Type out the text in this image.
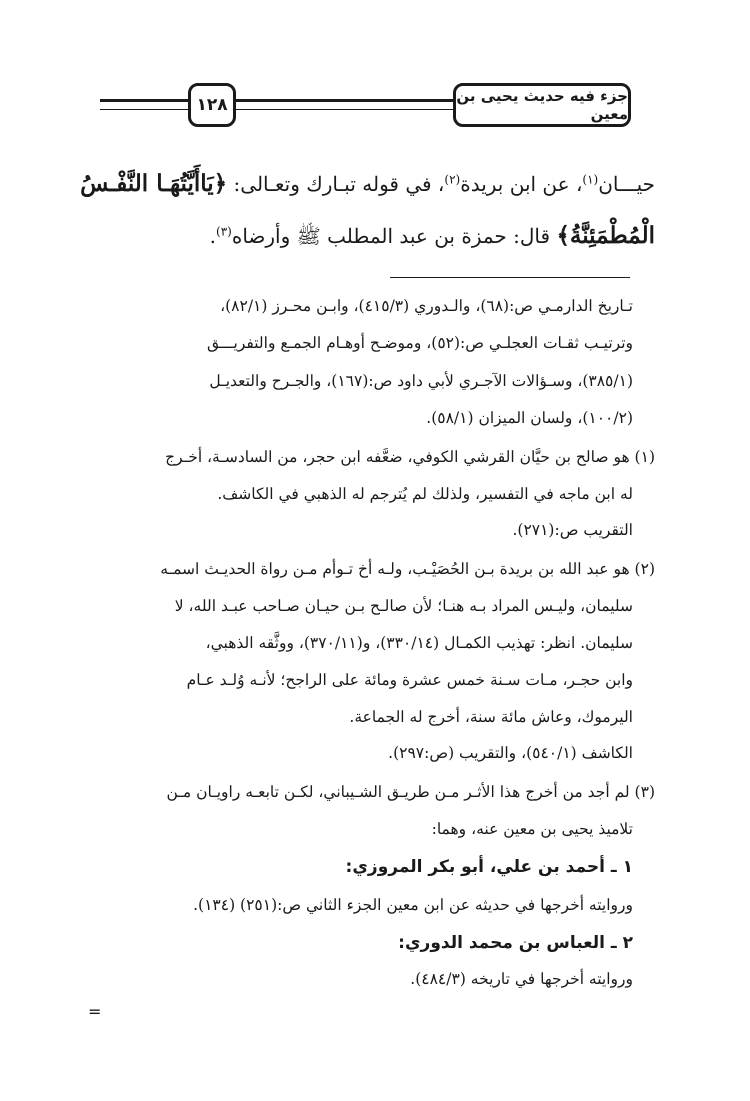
جزء فيه حديث يحيى بن معين
١٢٨
حيـــان$^{(١)}$، عن ابن بريدة$^{(٢)}$، في قوله تبـارك وتعـالى: ﴿يَاأَيَّتُهَـا النَّفْـسُ
الْمُطْمَئِنَّةُ﴾ قال: حمزة بن عبد المطلب ﷺ وأرضاه$^{(٣)}$.
تـاريخ الدارمـي ص:(٦٨)، والـدوري (٤١٥/٣)، وابـن محـرز (٨٢/١)،
وترتيـب ثقـات العجلـي ص:(٥٢)، وموضـح أوهـام الجمـع والتفريـــق
(٣٨٥/١)، وسـؤالات الآجـري لأبي داود ص:(١٦٧)، والجـرح والتعديـل
(١٠٠/٢)، ولسان الميزان (٥٨/١).
(١) هو صالح بن حيَّان القرشي الكوفي، ضعَّفه ابن حجر، من السادسـة، أخـرج
له ابن ماجه في التفسير، ولذلك لم يُترجم له الذهبي في الكاشف.
التقريب ص:(٢٧١).
(٢) هو عبد الله بن بريدة بـن الحُصَيْـب، ولـه أخ تـوأم مـن رواة الحديـث اسمـه
سليمان، وليـس المراد بـه هنـا؛ لأن صالـح بـن حيـان صـاحب عبـد الله، لا
سليمان. انظر: تهذيب الكمـال (٣٣٠/١٤)، و(٣٧٠/١١)، ووثَّقه الذهبي،
وابن حجـر، مـات سـنة خمس عشرة ومائة على الراجح؛ لأنـه وُلـد عـام
اليرموك، وعاش مائة سنة، أخرج له الجماعة.
الكاشف (٥٤٠/١)، والتقريب (ص:٢٩٧).
(٣) لم أجد من أخرج هذا الأثـر مـن طريـق الشـيباني، لكـن تابعـه راويـان مـن
تلاميذ يحيى بن معين عنه، وهما:
١ ـ أحمد بن علي، أبو بكر المروزي:
وروايته أخرجها في حديثه عن ابن معين الجزء الثاني ص:(٢٥١) (١٣٤).
٢ ـ العباس بن محمد الدوري:
وروايته أخرجها في تاريخه (٤٨٤/٣).
=
